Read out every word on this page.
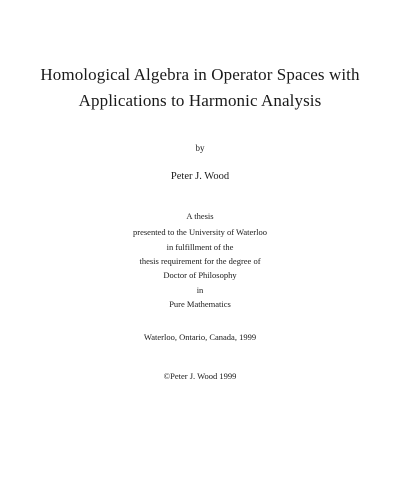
Homological Algebra in Operator Spaces with
Applications to Harmonic Analysis
by
Peter J. Wood
A thesis
presented to the University of Waterloo
in fulfillment of the
thesis requirement for the degree of
Doctor of Philosophy
in
Pure Mathematics
Waterloo, Ontario, Canada, 1999
©Peter J. Wood 1999
